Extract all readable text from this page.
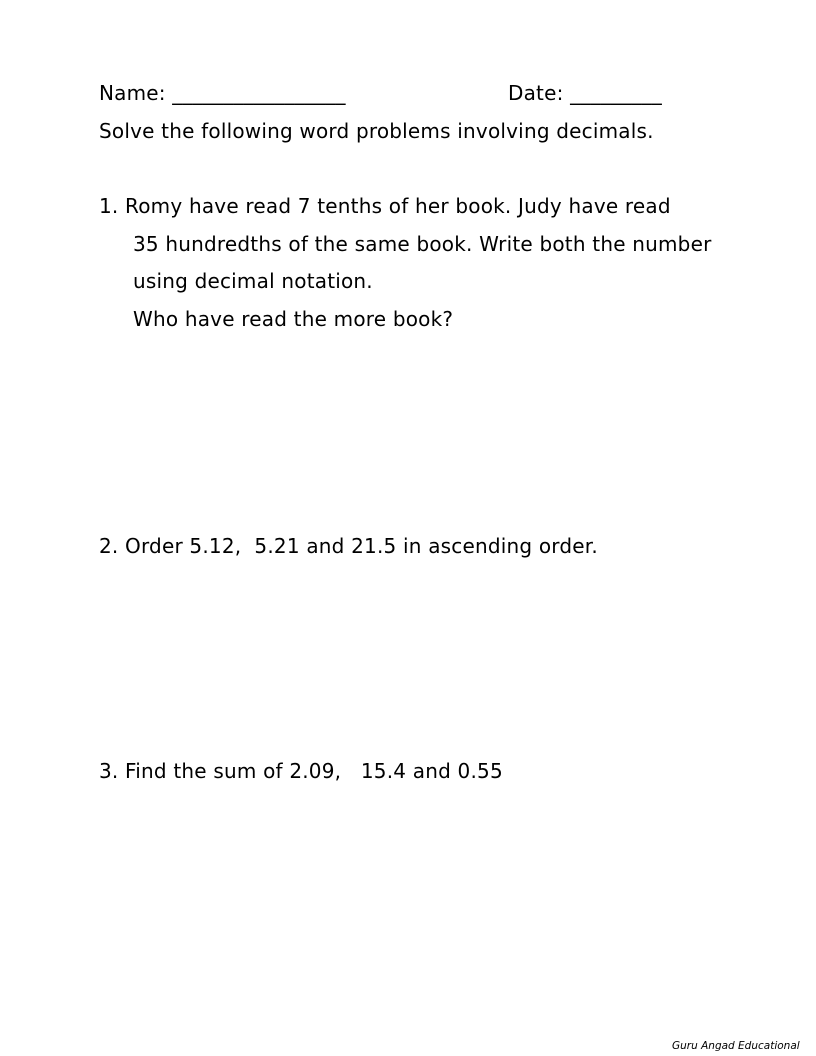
Name: _________________	Date: _________
Solve the following word problems involving decimals.
1. Romy have read 7 tenths of her book. Judy have read
35 hundredths of the same book. Write both the number
using decimal notation.
Who have read the more book?
2. Order 5.12,  5.21 and 21.5 in ascending order.
3. Find the sum of 2.09,   15.4 and 0.55
Guru Angad Educational
